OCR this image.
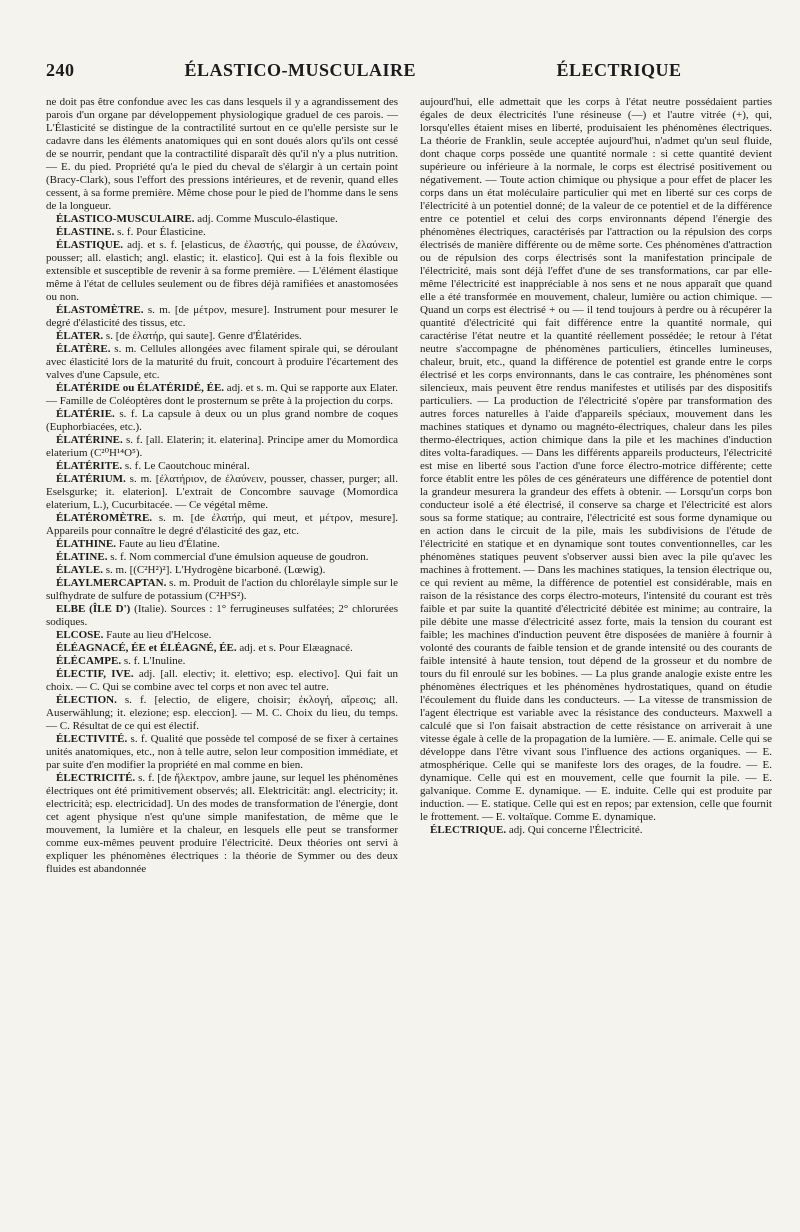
240	ÉLASTICO-MUSCULAIRE	ÉLECTRIQUE

ne doit pas être confondue avec les cas dans lesquels il y a agrandissement des parois d'un organe par développement physiologique graduel de ces parois. — L'Élasticité se distingue de la contractilité surtout en ce qu'elle persiste sur le cadavre dans les éléments anatomiques qui en sont doués alors qu'ils ont cessé de se nourrir, pendant que la contractilité disparaît dès qu'il n'y a plus nutrition. — E. du pied. Propriété qu'a le pied du cheval de s'élargir à un certain point (Bracy-Clark), sous l'effort des pressions intérieures, et de revenir, quand elles cessent, à sa forme première. Même chose pour le pied de l'homme dans le sens de la longueur.

ÉLASTICO-MUSCULAIRE. adj. Comme Musculo-élastique.

ÉLASTINE. s. f. Pour Élasticine.

ÉLASTIQUE. adj. et s. f. [elasticus, de ἐλαστής, qui pousse, de ἐλαύνειν, pousser; all. elastich; angl. elastic; it. elastico]. Qui est à la fois flexible ou extensible et susceptible de revenir à sa forme première. — L'élément élastique même à l'état de cellules seulement ou de fibres déjà ramifiées et anastomosées ou non.

ÉLASTOMÈTRE. s. m. [de μέτρον, mesure]. Instrument pour mesurer le degré d'élasticité des tissus, etc.

ÉLATER. s. [de ἐλατήρ, qui saute]. Genre d'Élatérides.

ÉLATÈRE. s. m. Cellules allongées avec filament spirale qui, se déroulant avec élasticité lors de la maturité du fruit, concourt à produire l'écartement des valves d'une Capsule, etc.

ÉLATÉRIDE ou ÉLATÉRIDÉ, ÉE. adj. et s. m. Qui se rapporte aux Elater. — Famille de Coléoptères dont le prosternum se prête à la projection du corps.

ÉLATÉRIE. s. f. La capsule à deux ou un plus grand nombre de coques (Euphorbiacées, etc.).

ÉLATÉRINE. s. f. [all. Elaterin; it. elaterina]. Principe amer du Momordica elaterium (C²⁰H¹⁴O⁵).

ÉLATÉRITE. s. f. Le Caoutchouc minéral.

ÉLATÉRIUM. s. m. [ἐλατήριον, de ἐλαύνειν, pousser, chasser, purger; all. Eselsgurke; it. elaterion]. L'extrait de Concombre sauvage (Momordica elaterium, L.), Cucurbitacée. — Ce végétal même.

ÉLATÉROMÈTRE. s. m. [de ἐλατήρ, qui meut, et μέτρον, mesure]. Appareils pour connaître le degré d'élasticité des gaz, etc.

ÉLATHINE. Faute au lieu d'Élatine.

ÉLATINE. s. f. Nom commercial d'une émulsion aqueuse de goudron.

ÉLAYLE. s. m. [(C²H²)²]. L'Hydrogène bicarboné. (Lœwig).

ÉLAYLMERCAPTAN. s. m. Produit de l'action du chlorélayle simple sur le sulfhydrate de sulfure de potassium (C²H³S²).

ELBE (ÎLE D') (Italie). Sources : 1° ferrugineuses sulfatées; 2° chlorurées sodiques.

ELCOSE. Faute au lieu d'Helcose.

ÉLÉAGNACÉ, ÉE et ÉLÉAGNÉ, ÉE. adj. et s. Pour Elæagnacé.

ÉLÉCAMPE. s. f. L'Inuline.

ÉLECTIF, IVE. adj. [all. electiv; it. elettivo; esp. electivo]. Qui fait un choix. — C. Qui se combine avec tel corps et non avec tel autre.

ÉLECTION. s. f. [electio, de eligere, choisir; ἐκλογή, αἵρεσις; all. Auserwählung; it. elezione; esp. eleccion]. — M. C. Choix du lieu, du temps. — C. Résultat de ce qui est électif.

ÉLECTIVITÉ. s. f. Qualité que possède tel composé de se fixer à certaines unités anatomiques, etc., non à telle autre, selon leur composition immédiate, et par suite d'en modifier la propriété en mal comme en bien.

ÉLECTRICITÉ. s. f. [de ἤλεκτρον, ambre jaune, sur lequel les phénomènes électriques ont été primitivement observés; all. Elektricität: angl. electricity; it. electricità; esp. electricidad]. Un des modes de transformation de l'énergie, dont cet agent physique n'est qu'une simple manifestation, de même que le mouvement, la lumière et la chaleur, en lesquels elle peut se transformer comme eux-mêmes peuvent produire l'électricité. Deux théories ont servi à expliquer les phénomènes électriques : la théorie de Symmer ou des deux fluides est abandonnée

aujourd'hui, elle admettait que les corps à l'état neutre possédaient parties égales de deux électricités l'une résineuse (—) et l'autre vitrée (+), qui, lorsqu'elles étaient mises en liberté, produisaient les phénomènes électriques. La théorie de Franklin, seule acceptée aujourd'hui, n'admet qu'un seul fluide, dont chaque corps possède une quantité normale : si cette quantité devient supérieure ou inférieure à la normale, le corps est électrisé positivement ou négativement. — Toute action chimique ou physique a pour effet de placer les corps dans un état moléculaire particulier qui met en liberté sur ces corps de l'électricité à un potentiel donné; de la valeur de ce potentiel et de la différence entre ce potentiel et celui des corps environnants dépend l'énergie des phénomènes électriques, caractérisés par l'attraction ou la répulsion des corps électrisés de manière différente ou de même sorte. Ces phénomènes d'attraction ou de répulsion des corps électrisés sont la manifestation principale de l'électricité, mais sont déjà l'effet d'une de ses transformations, car par elle-même l'électricité est inappréciable à nos sens et ne nous apparaît que quand elle a été transformée en mouvement, chaleur, lumière ou action chimique. — Quand un corps est électrisé + ou — il tend toujours à perdre ou à récupérer la quantité d'électricité qui fait différence entre la quantité normale, qui caractérise l'état neutre et la quantité réellement possédée; le retour à l'état neutre s'accompagne de phénomènes particuliers, étincelles lumineuses, chaleur, bruit, etc., quand la différence de potentiel est grande entre le corps électrisé et les corps environnants, dans le cas contraire, les phénomènes sont silencieux, mais peuvent être rendus manifestes et utilisés par des dispositifs particuliers. — La production de l'électricité s'opère par transformation des autres forces naturelles à l'aide d'appareils spéciaux, mouvement dans les machines statiques et dynamo ou magnéto-électriques, chaleur dans les piles thermo-électriques, action chimique dans la pile et les machines d'induction dites volta-faradiques. — Dans les différents appareils producteurs, l'électricité est mise en liberté sous l'action d'une force électro-motrice différente; cette force établit entre les pôles de ces générateurs une différence de potentiel dont la grandeur mesurera la grandeur des effets à obtenir. — Lorsqu'un corps bon conducteur isolé a été électrisé, il conserve sa charge et l'électricité est alors sous sa forme statique; au contraire, l'électricité est sous forme dynamique ou en action dans le circuit de la pile, mais les subdivisions de l'étude de l'électricité en statique et en dynamique sont toutes conventionnelles, car les phénomènes statiques peuvent s'observer aussi bien avec la pile qu'avec les machines à frottement. — Dans les machines statiques, la tension électrique ou, ce qui revient au même, la différence de potentiel est considérable, mais en raison de la résistance des corps électro-moteurs, l'intensité du courant est très faible et par suite la quantité d'électricité débitée est minime; au contraire, la pile débite une masse d'électricité assez forte, mais la tension du courant est faible; les machines d'induction peuvent être disposées de manière à fournir à volonté des courants de faible tension et de grande intensité ou des courants de faible intensité à haute tension, tout dépend de la grosseur et du nombre de tours du fil enroulé sur les bobines. — La plus grande analogie existe entre les phénomènes électriques et les phénomènes hydrostatiques, quand on étudie l'écoulement du fluide dans les conducteurs. — La vitesse de transmission de l'agent électrique est variable avec la résistance des conducteurs. Maxwell a calculé que si l'on faisait abstraction de cette résistance on arriverait à une vitesse égale à celle de la propagation de la lumière. — E. animale. Celle qui se développe dans l'être vivant sous l'influence des actions organiques. — E. atmosphérique. Celle qui se manifeste lors des orages, de la foudre. — E. dynamique. Celle qui est en mouvement, celle que fournit la pile. — E. galvanique. Comme E. dynamique. — E. induite. Celle qui est produite par induction. — E. statique. Celle qui est en repos; par extension, celle que fournit le frottement. — E. voltaïque. Comme E. dynamique.

ÉLECTRIQUE. adj. Qui concerne l'Électricité.
